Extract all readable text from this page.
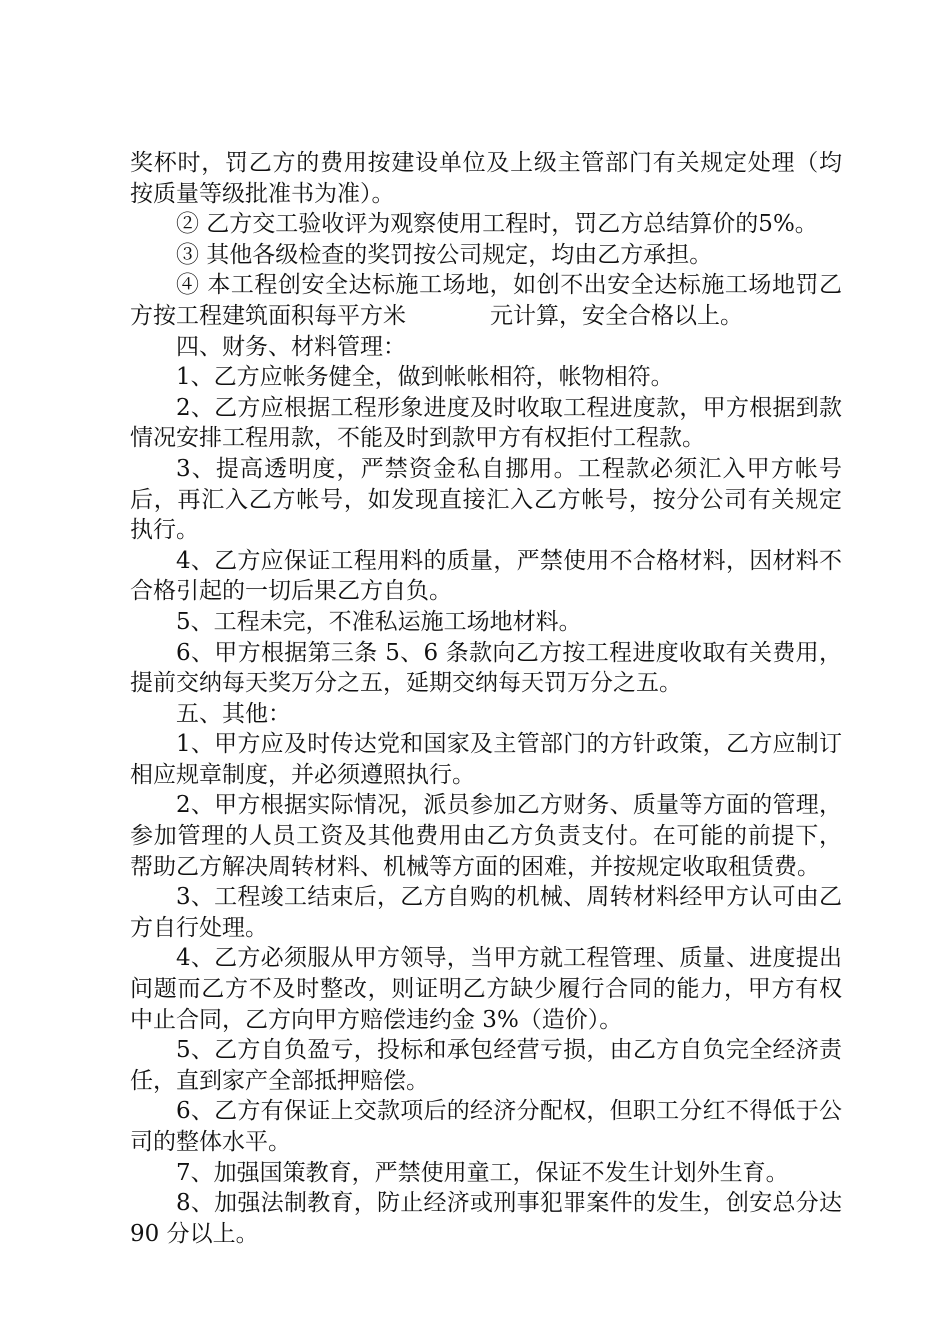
奖杯时，罚乙方的费用按建设单位及上级主管部门有关规定处理（均按质量等级批准书为准）。

② 乙方交工验收评为观察使用工程时，罚乙方总结算价的5%。

③ 其他各级检查的奖罚按公司规定，均由乙方承担。

④ 本工程创安全达标施工场地，如创不出安全达标施工场地罚乙方按工程建筑面积每平方米	元计算，安全合格以上。

四、财务、材料管理：

1、乙方应帐务健全，做到帐帐相符，帐物相符。

2、乙方应根据工程形象进度及时收取工程进度款，甲方根据到款情况安排工程用款，不能及时到款甲方有权拒付工程款。

3、提高透明度，严禁资金私自挪用。工程款必须汇入甲方帐号后，再汇入乙方帐号，如发现直接汇入乙方帐号，按分公司有关规定执行。

4、乙方应保证工程用料的质量，严禁使用不合格材料，因材料不合格引起的一切后果乙方自负。

5、工程未完，不准私运施工场地材料。

6、甲方根据第三条 5、6 条款向乙方按工程进度收取有关费用，提前交纳每天奖万分之五，延期交纳每天罚万分之五。

五、其他：

1、甲方应及时传达党和国家及主管部门的方针政策，乙方应制订相应规章制度，并必须遵照执行。

2、甲方根据实际情况，派员参加乙方财务、质量等方面的管理，参加管理的人员工资及其他费用由乙方负责支付。在可能的前提下，帮助乙方解决周转材料、机械等方面的困难，并按规定收取租赁费。

3、工程竣工结束后，乙方自购的机械、周转材料经甲方认可由乙方自行处理。

4、乙方必须服从甲方领导，当甲方就工程管理、质量、进度提出问题而乙方不及时整改，则证明乙方缺少履行合同的能力，甲方有权中止合同，乙方向甲方赔偿违约金 3%（造价）。

5、乙方自负盈亏，投标和承包经营亏损，由乙方自负完全经济责任，直到家产全部抵押赔偿。

6、乙方有保证上交款项后的经济分配权，但职工分红不得低于公司的整体水平。

7、加强国策教育，严禁使用童工，保证不发生计划外生育。

8、加强法制教育，防止经济或刑事犯罪案件的发生，创安总分达 90 分以上。
